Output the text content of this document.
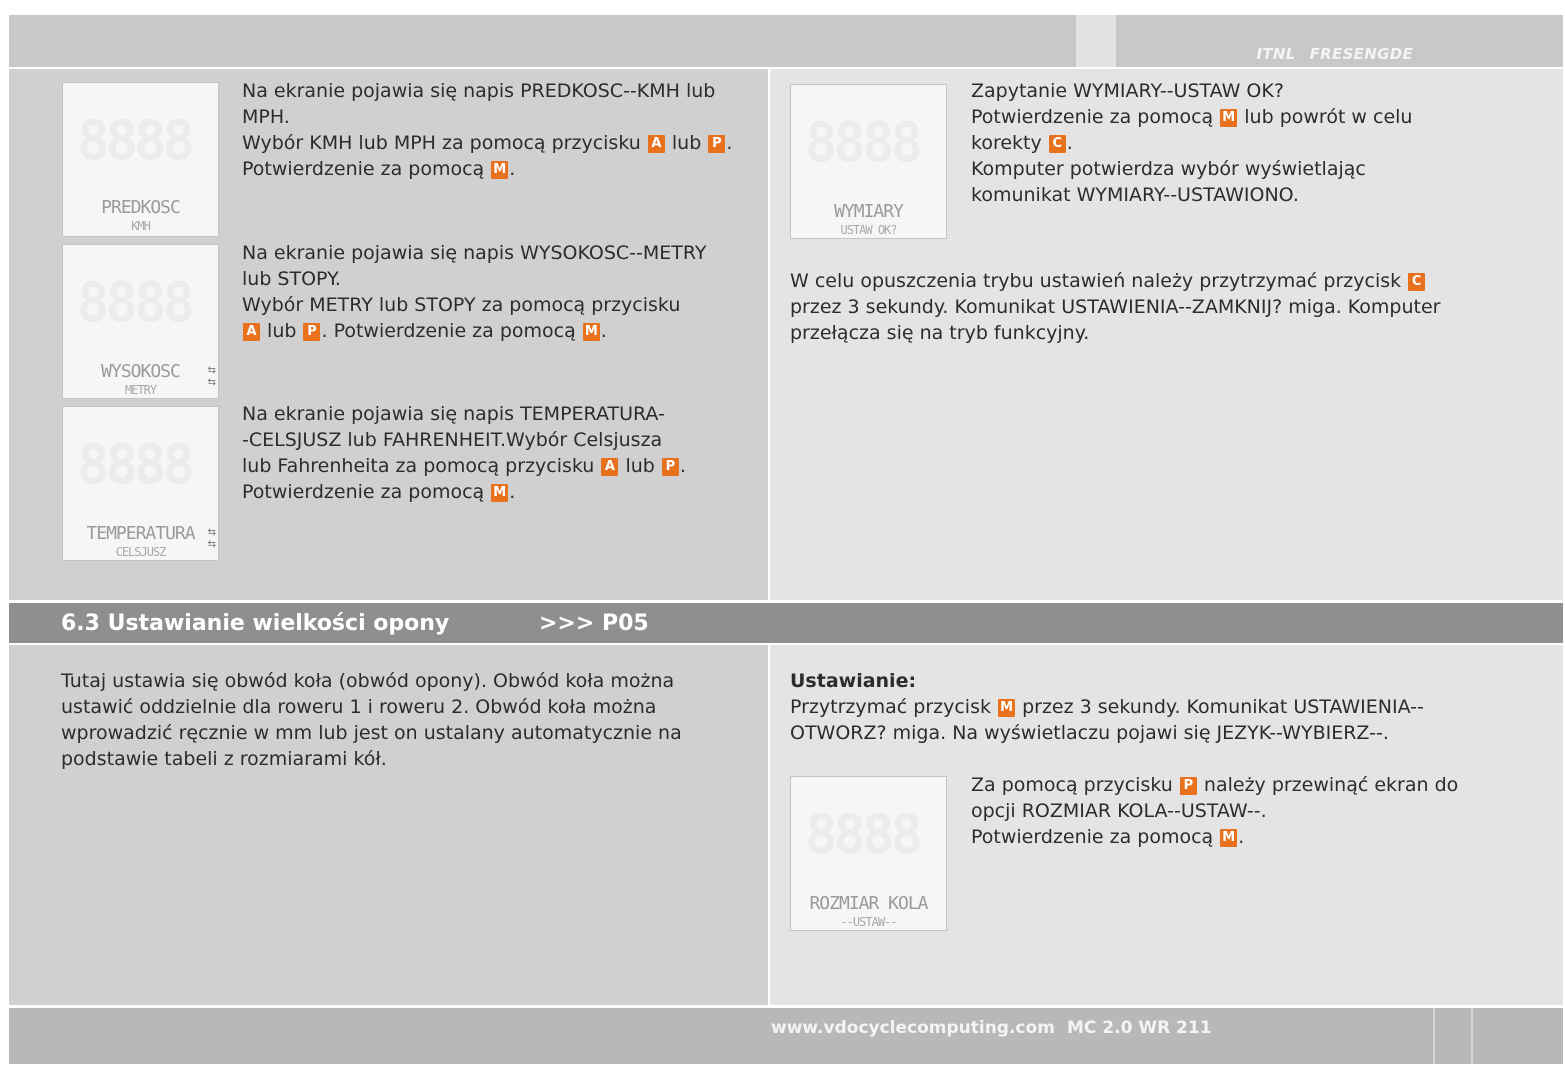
ITNL FRESENGDE
8888
PREDKOSC
KMH
8888
WYSOKOSC
METRY
⇆
⇆
8888
TEMPERATURA
CELSJUSZ
⇆
⇆
8888
WYMIARY
USTAW OK?
8888
ROZMIAR KOLA
--USTAW--

Na ekranie pojawia się napis PREDKOSC--KMH lub

MPH.

Wybór KMH lub MPH za pomocą przycisku A lub P .

Potwierdzenie za pomocą M .

Na ekranie pojawia się napis WYSOKOSC--METRY

lub STOPY.

Wybór METRY lub STOPY za pomocą przycisku

A lub P . Potwierdzenie za pomocą M .

Na ekranie pojawia się napis TEMPERATURA-

-CELSJUSZ lub FAHRENHEIT.Wybór Celsjusza

lub Fahrenheita za pomocą przycisku A lub P .

Potwierdzenie za pomocą M .

Zapytanie WYMIARY--USTAW OK?

Potwierdzenie za pomocą M lub powrót w celu

korekty C .

Komputer potwierdza wybór wyświetlając

komunikat WYMIARY--USTAWIONO.

W celu opuszczenia trybu ustawień należy przytrzymać przycisk C

przez 3 sekundy. Komunikat USTAWIENIA--ZAMKNIJ? miga. Komputer

przełącza się na tryb funkcyjny.

6.3 Ustawianie wielkości opony	>>> P05

Tutaj ustawia się obwód koła (obwód opony). Obwód koła można

ustawić oddzielnie dla roweru 1 i roweru 2. Obwód koła można

wprowadzić ręcznie w mm lub jest on ustalany automatycznie na

podstawie tabeli z rozmiarami kół.

Ustawianie:

Przytrzymać przycisk M przez 3 sekundy. Komunikat USTAWIENIA--

OTWORZ? miga. Na wyświetlaczu pojawi się JEZYK--WYBIERZ--.

Za pomocą przycisku P należy przewinąć ekran do

opcji ROZMIAR KOLA--USTAW--.

Potwierdzenie za pomocą M .

www.vdocyclecomputing.com MC 2.0 WR 211
